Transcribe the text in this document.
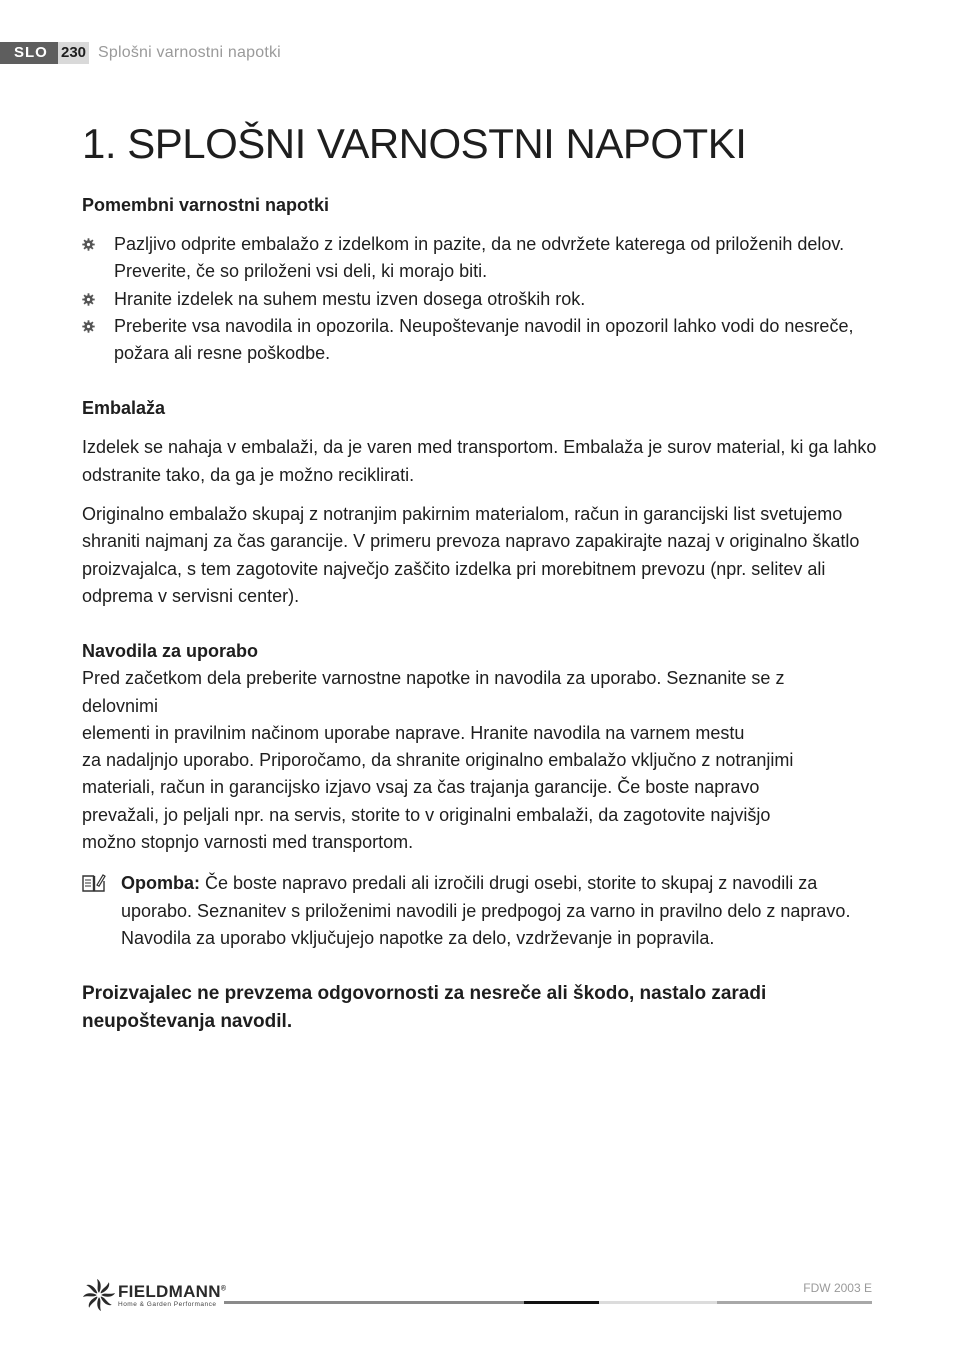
SLO 230 Splošni varnostni napotki
1. SPLOŠNI VARNOSTNI NAPOTKI
Pomembni varnostni napotki
Pazljivo odprite embalažo z izdelkom in pazite, da ne odvržete katerega od priloženih delov. Preverite, če so priloženi vsi deli, ki morajo biti.
Hranite izdelek na suhem mestu izven dosega otroških rok.
Preberite vsa navodila in opozorila. Neupoštevanje navodil in opozoril lahko vodi do nesreče, požara ali resne poškodbe.
Embalaža

Izdelek se nahaja v embalaži, da je varen med transportom. Embalaža je surov material, ki ga lahko odstranite tako, da ga je možno reciklirati.

Originalno embalažo skupaj z notranjim pakirnim materialom, račun in garancijski list svetujemo shraniti najmanj za čas garancije. V primeru prevoza napravo zapakirajte nazaj v originalno škatlo proizvajalca, s tem zagotovite največjo zaščito izdelka pri morebitnem prevozu (npr. selitev ali odprema v servisni center).

Navodila za uporabo

Pred začetkom dela preberite varnostne napotke in navodila za uporabo. Seznanite se z

delovnimi

elementi in pravilnim načinom uporabe naprave. Hranite navodila na varnem mestu

za nadaljnjo uporabo. Priporočamo, da shranite originalno embalažo vključno z notranjimi

materiali, račun in garancijsko izjavo vsaj za čas trajanja garancije. Če boste napravo

prevažali, jo peljali npr. na servis, storite to v originalni embalaži, da zagotovite najvišjo

možno stopnjo varnosti med transportom.

Opomba: Če boste napravo predali ali izročili drugi osebi, storite to skupaj z navodili za uporabo. Seznanitev s priloženimi navodili je predpogoj za varno in pravilno delo z napravo. Navodila za uporabo vključujejo napotke za delo, vzdrževanje in popravila.
Proizvajalec ne prevzema odgovornosti za nesreče ali škodo, nastalo zaradi neupoštevanja navodil.
FIELDMANN®
Home & Garden Performance
FDW 2003 E
